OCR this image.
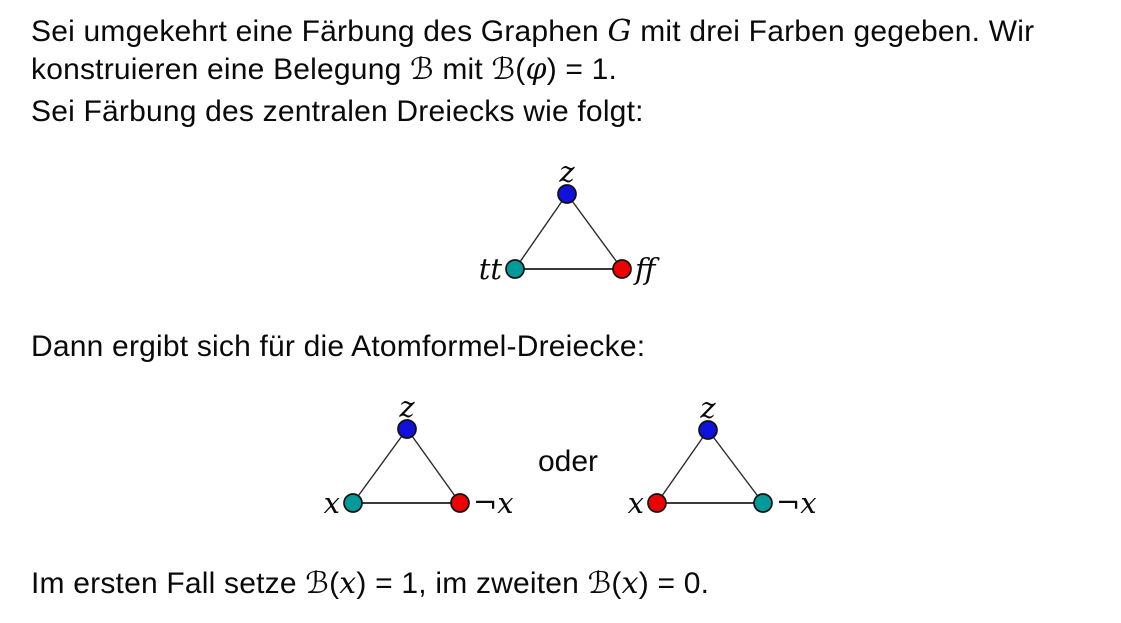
Sei umgekehrt eine Färbung des Graphen G mit drei Farben gegeben. Wir
konstruieren eine Belegung ℬ mit ℬ(φ) = 1.
Sei Färbung des zentralen Dreiecks wie folgt:
Dann ergibt sich für die Atomformel-Dreiecke:
Im ersten Fall setze ℬ(x) = 1, im zweiten ℬ(x) = 0.
z
tt	ff
z
x	¬x
oder
z
x	¬x
